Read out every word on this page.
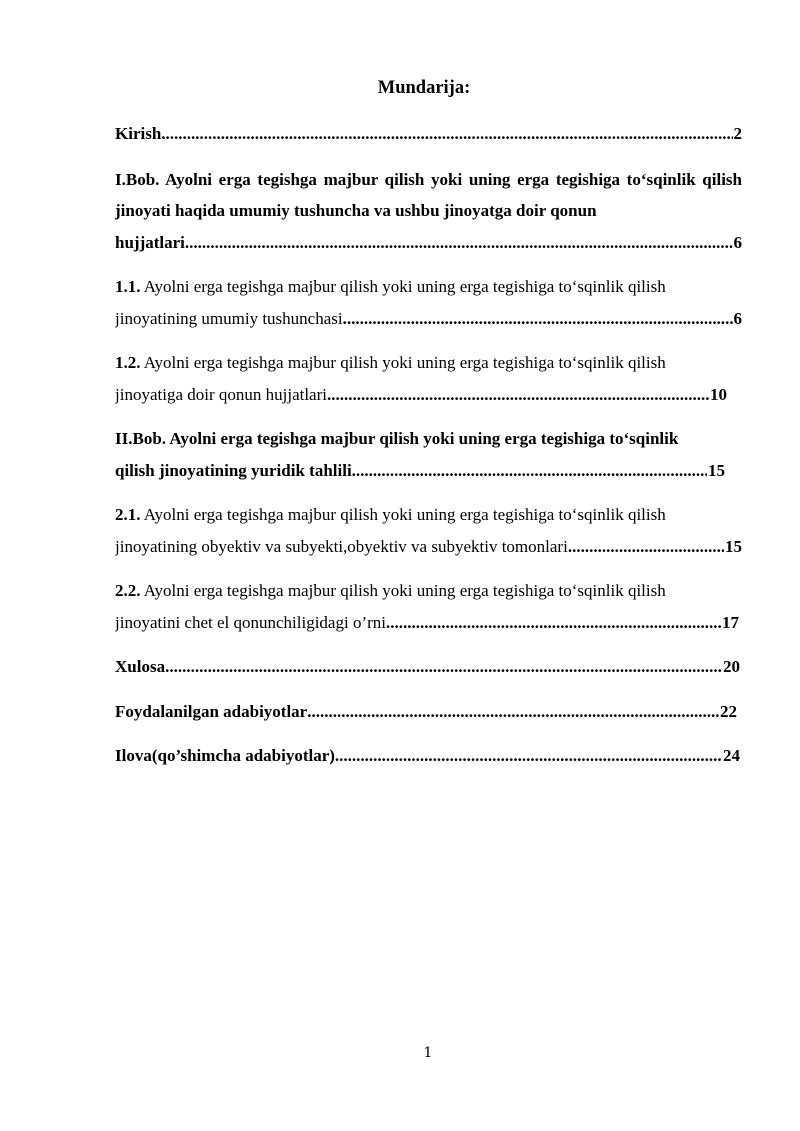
Mundarija:
Kirish. .....	2

I.Bob. Ayolni erga tegishga majbur qilish yoki uning erga tegishiga to‘sqinlik qilish jinoyati haqida umumiy tushuncha va ushbu jinoyatga doir qonun

hujjatlari .....	6

1.1. Ayolni erga tegishga majbur qilish yoki uning erga tegishiga to‘sqinlik qilish

jinoyatining umumiy tushunchasi .....	6

1.2. Ayolni erga tegishga majbur qilish yoki uning erga tegishiga to‘sqinlik qilish

jinoyatiga doir qonun hujjatlari .....	10

II.Bob. Ayolni erga tegishga majbur qilish yoki uning erga tegishiga to‘sqinlik

qilish jinoyatining yuridik tahlili .....	15

2.1. Ayolni erga tegishga majbur qilish yoki uning erga tegishiga to‘sqinlik qilish

jinoyatining obyektiv va subyekti,obyektiv va subyektiv tomonlari .....	15

2.2. Ayolni erga tegishga majbur qilish yoki uning erga tegishiga to‘sqinlik qilish

jinoyatini chet el qonunchiligidagi o’rni .....	17
Xulosa .....	20
Foydalanilgan adabiyotlar .....	22
Ilova(qo’shimcha adabiyotlar) .....	24
1
